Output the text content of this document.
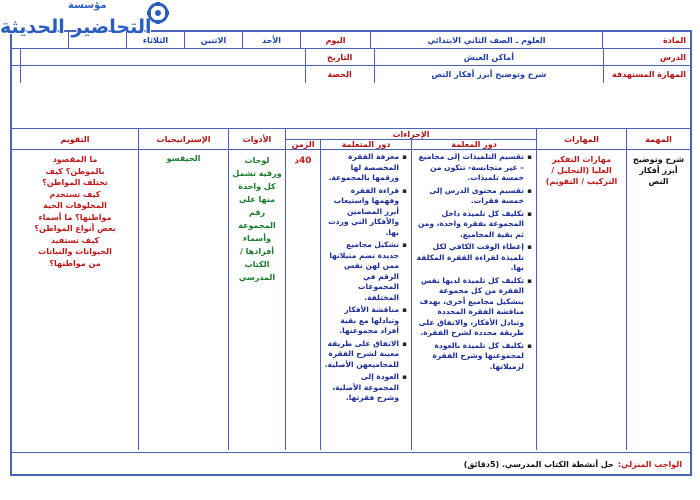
المادة
العلوم ـ الصف الثاني الابتدائي
اليوم
الأحد
الاثنين
الثلاثاء
الدرس
أماكن العيش
التاريخ
المهارة المستهدفة
شرح وتوضيح أبرز أفكار النص
الحصة
المهمة
المهارات
الإجراءات
دور المعلمة
دور المتعلمة
الزمن
الأدوات
الإستراتيجيات
التقويم
شرح وتوضيح أبرز أفكار النص
مهارات التفكير العليا (التحليل / التركيب / التقويم)
▪ تقسيم التلميذات إلى مجاميع – غير متجانسة- تتكون من خمسة تلميذات.
▪ تقسيم محتوى الدرس إلى خمسة فقرات.
▪ تكليف كل تلميذة داخل المجموعة بفقرة واحدة، ومن ثم بقية المجاميع.
▪ إعطاء الوقت الكافي لكل تلميذة لقراءة الفقرة المكلفة بها.
▪ تكليف كل تلميذة لديها نفس الفقرة من كل مجموعة بتشكيل مجاميع أخرى، بهدف مناقشة الفقرة المحددة وتبادل الأفكار، والاتفاق على طريقة محددة لشرح الفقرة.
▪ تكليف كل تلميذة بالعودة لمجموعتها وشرح الفقرة لزميلاتها.
▪ معرفة الفقرة المخصصة لها ورقمها بالمجموعة.
▪ قراءة الفقرة وفهمها واستيعاب أبرز المضامين والأفكار التي وردت بها.
▪ تشكيل مجاميع جديدة تضم مثيلاتها ممن لهن نفس الرقم في المجموعات المختلفة.
▪ مناقشة الأفكار وتبادلها مع بقية أفراد مجموعتها.
▪ الاتفاق على طريقة معينة لشرح الفقرة للمجاميعهن الأصلية.
▪ العودة إلى المجموعة الأصلية، وشرح فقرتها.
40د
لوحات ورقية تشمل كل واحدة منها على رقم المجموعة وأسماء أفرادها / الكتاب المدرسي
الجيقسو
ما المقصود بالموطن؟ كيف تختلف المواطن؟ كيف تستخدم المخلوقات الحية مواطنها؟ ما أسماء بعض أنواع المواطن؟ كيف تستفيد الحيوانات والنباتات من مواطنها؟
الواجب المنزلي:
حل أنشطة الكتاب المدرسي. (5دقائق)
مؤسسة
التحاضير الحديثة
